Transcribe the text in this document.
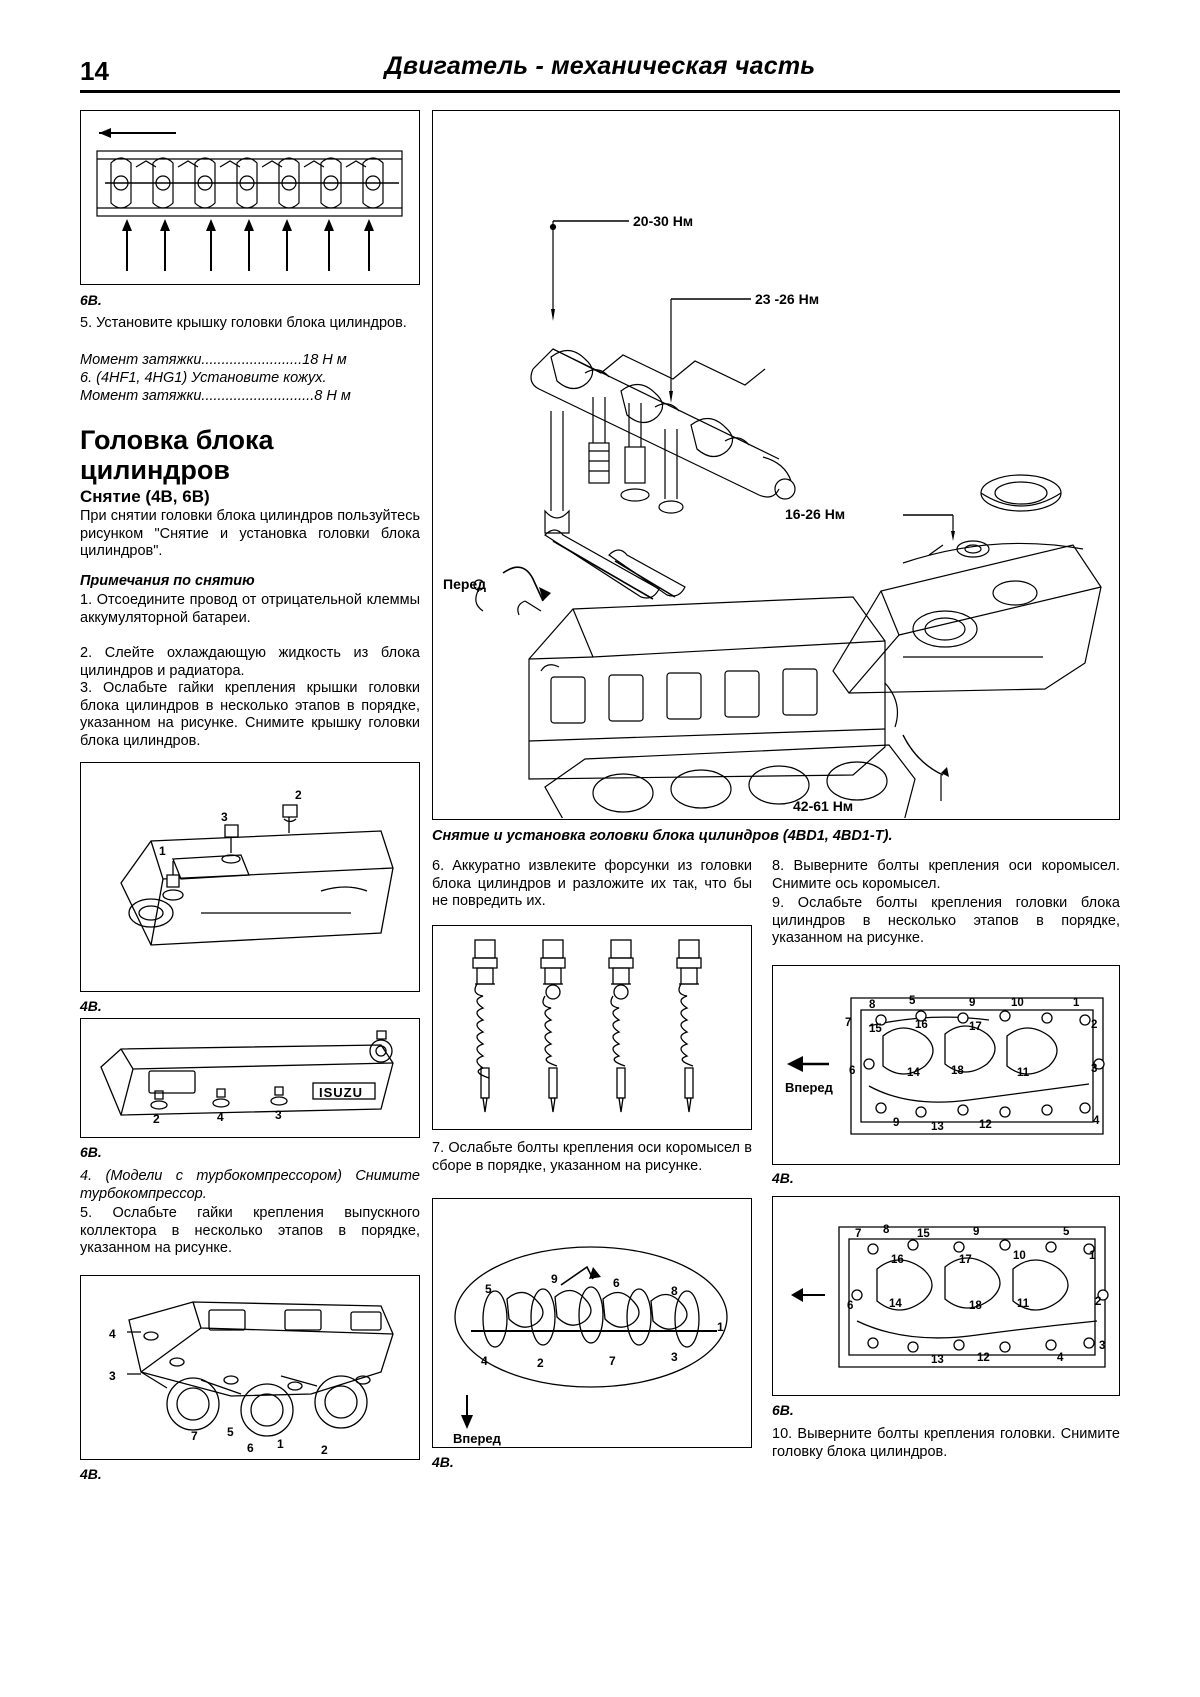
14	Двигатель - механическая часть
6В.
5. Установите крышку головки блока цилиндров.
Момент затяжки.........................18 Н м
6. (4HF1, 4HG1) Установите кожух.
Момент затяжки............................8 Н м
Головка блока цилиндров
Снятие (4В, 6В)
При снятии головки блока цилиндров пользуйтесь рисунком "Снятие и установка головки блока цилиндров".
Примечания по снятию
1. Отсоедините провод от отрицательной клеммы аккумуляторной батареи.
2. Слейте охлаждающую жидкость из блока цилиндров и радиатора.
3. Ослабьте гайки крепления крышки головки блока цилиндров в несколько этапов в порядке, указанном на рисунке. Снимите крышку головки блока цилиндров.
1
2
3
4В.
2	4	3
ISUZU
6В.
4. (Модели с турбокомпрессором) Снимите турбокомпрессор.
5. Ослабьте гайки крепления выпускного коллектора в несколько этапов в порядке, указанном на рисунке.
4
3
7 5
6 1	2
4В.
20-30 Нм
23 -26 Нм
16-26 Нм
42-61 Нм
Перед
Снятие и установка головки блока цилиндров (4BD1, 4BD1-T).
6. Аккуратно извлеките форсунки из головки блока цилиндров и разложите их так, что бы не повредить их.
7. Ослабьте болты крепления оси коромысел в сборе в порядке, указанном на рисунке.
5
9	6
8
4	2	7	3
1
Вперед
4В.
8. Выверните болты крепления оси коромысел. Снимите ось коромысел.
9. Ослабьте болты крепления головки блока цилиндров в несколько этапов в порядке, указанном на рисунке.
8	5	9	10	1
7 15	16	17	2
6	14	18	11	3
9	13	12	4
Вперед
4В.
7 8 15	9	5
16	17	10	1
6	14	18	11	2
13	12	4
3
6В.
10. Выверните болты крепления головки. Снимите головку блока цилиндров.
